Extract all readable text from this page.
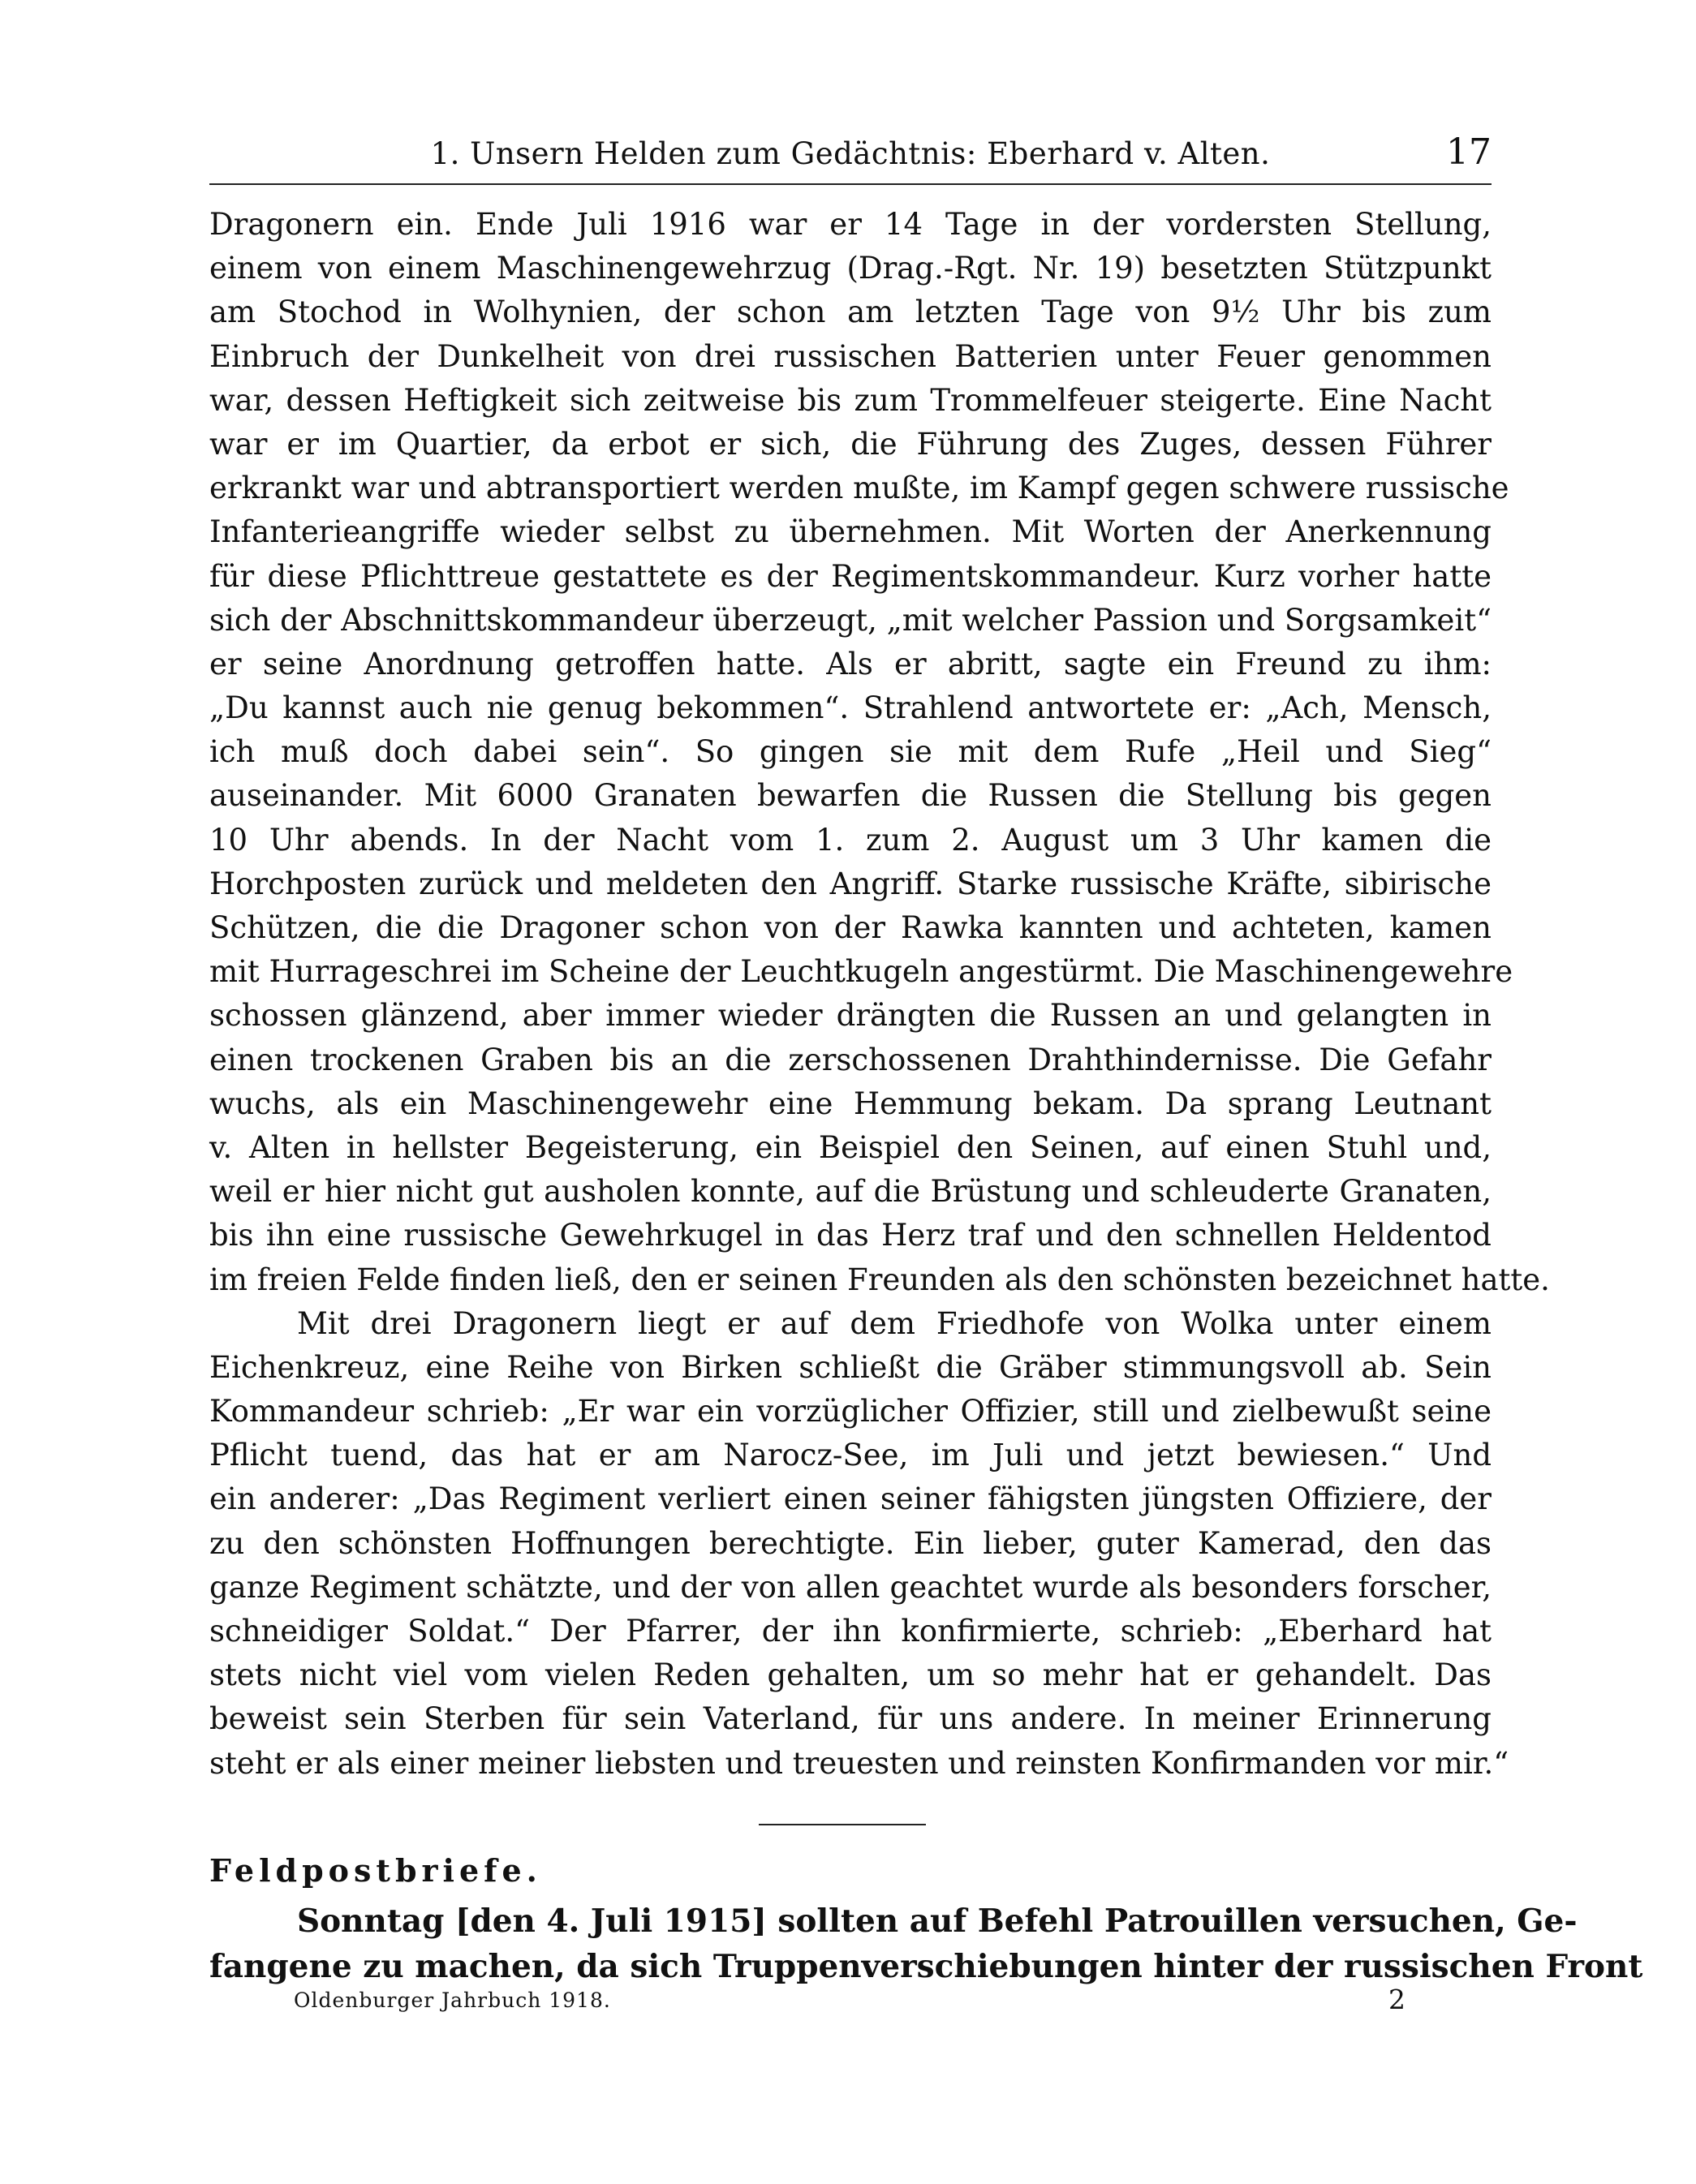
1. Unsern Helden zum Gedächtnis: Eberhard v. Alten.	17
Dragonern ein. Ende Juli 1916 war er 14 Tage in der vordersten Stellung,
einem von einem Maschinengewehrzug (Drag.-Rgt. Nr. 19) besetzten Stützpunkt
am Stochod in Wolhynien, der schon am letzten Tage von 9½ Uhr bis zum
Einbruch der Dunkelheit von drei russischen Batterien unter Feuer genommen
war, dessen Heftigkeit sich zeitweise bis zum Trommelfeuer steigerte. Eine Nacht
war er im Quartier, da erbot er sich, die Führung des Zuges, dessen Führer
erkrankt war und abtransportiert werden mußte, im Kampf gegen schwere russische
Infanterieangriffe wieder selbst zu übernehmen. Mit Worten der Anerkennung
für diese Pflichttreue gestattete es der Regimentskommandeur. Kurz vorher hatte
sich der Abschnittskommandeur überzeugt, „mit welcher Passion und Sorgsamkeit“
er seine Anordnung getroffen hatte. Als er abritt, sagte ein Freund zu ihm:
„Du kannst auch nie genug bekommen“. Strahlend antwortete er: „Ach, Mensch,
ich muß doch dabei sein“. So gingen sie mit dem Rufe „Heil und Sieg“
auseinander. Mit 6000 Granaten bewarfen die Russen die Stellung bis gegen
10 Uhr abends. In der Nacht vom 1. zum 2. August um 3 Uhr kamen die
Horchposten zurück und meldeten den Angriff. Starke russische Kräfte, sibirische
Schützen, die die Dragoner schon von der Rawka kannten und achteten, kamen
mit Hurrageschrei im Scheine der Leuchtkugeln angestürmt. Die Maschinengewehre
schossen glänzend, aber immer wieder drängten die Russen an und gelangten in
einen trockenen Graben bis an die zerschossenen Drahthindernisse. Die Gefahr
wuchs, als ein Maschinengewehr eine Hemmung bekam. Da sprang Leutnant
v. Alten in hellster Begeisterung, ein Beispiel den Seinen, auf einen Stuhl und,
weil er hier nicht gut ausholen konnte, auf die Brüstung und schleuderte Granaten,
bis ihn eine russische Gewehrkugel in das Herz traf und den schnellen Heldentod
im freien Felde finden ließ, den er seinen Freunden als den schönsten bezeichnet hatte.
Mit drei Dragonern liegt er auf dem Friedhofe von Wolka unter einem
Eichenkreuz, eine Reihe von Birken schließt die Gräber stimmungsvoll ab. Sein
Kommandeur schrieb: „Er war ein vorzüglicher Offizier, still und zielbewußt seine
Pflicht tuend, das hat er am Narocz-See, im Juli und jetzt bewiesen.“ Und
ein anderer: „Das Regiment verliert einen seiner fähigsten jüngsten Offiziere, der
zu den schönsten Hoffnungen berechtigte. Ein lieber, guter Kamerad, den das
ganze Regiment schätzte, und der von allen geachtet wurde als besonders forscher,
schneidiger Soldat.“ Der Pfarrer, der ihn konfirmierte, schrieb: „Eberhard hat
stets nicht viel vom vielen Reden gehalten, um so mehr hat er gehandelt. Das
beweist sein Sterben für sein Vaterland, für uns andere. In meiner Erinnerung
steht er als einer meiner liebsten und treuesten und reinsten Konfirmanden vor mir.“
Feldpostbriefe.
Sonntag [den 4. Juli 1915] sollten auf Befehl Patrouillen versuchen, Ge-
fangene zu machen, da sich Truppenverschiebungen hinter der russischen Front
Oldenburger Jahrbuch 1918.	2
